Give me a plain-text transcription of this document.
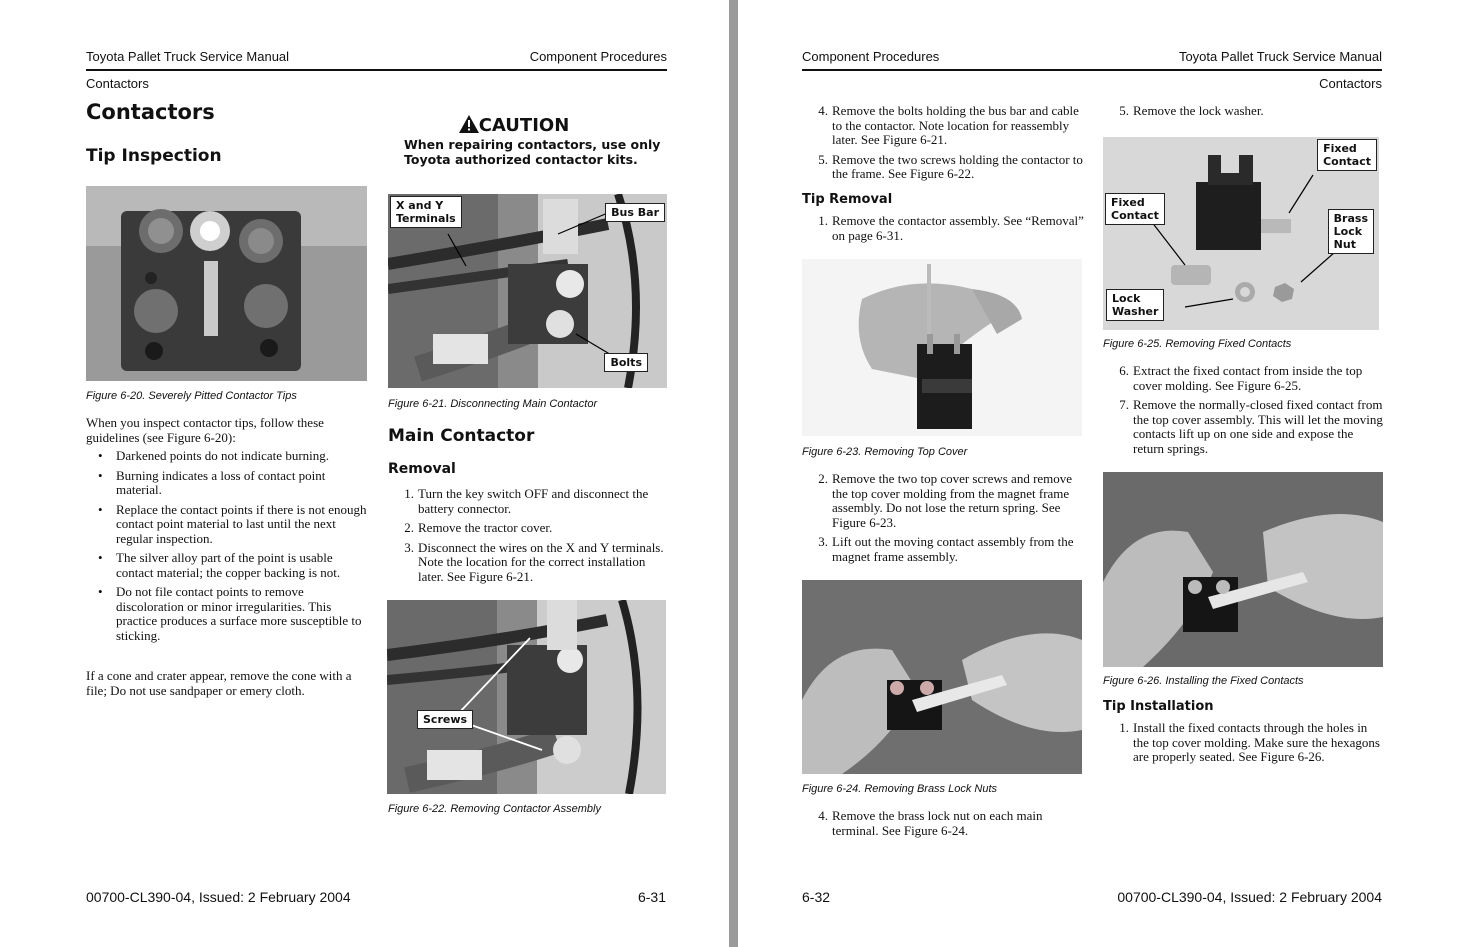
Toyota Pallet Truck Service Manual	Component Procedures
Contactors
Contactors
Tip Inspection
Figure 6-20. Severely Pitted Contactor Tips

When you inspect contactor tips, follow these guidelines (see Figure 6-20):

• Darkened points do not indicate burning.
• Burning indicates a loss of contact point material.
• Replace the contact points if there is not enough contact point material to last until the next regular inspection.
• The silver alloy part of the point is usable contact material; the copper backing is not.
• Do not file contact points to remove discoloration or minor irregularities. This practice produces a surface more susceptible to sticking.

If a cone and crater appear, remove the cone with a file; Do not use sandpaper or emery cloth.

CAUTION
When repairing contactors, use only Toyota authorized contactor kits.
X and Y
Terminals	Bus Bar
Bolts
Figure 6-21. Disconnecting Main Contactor
Main Contactor
Removal
1. Turn the key switch OFF and disconnect the battery connector.
2. Remove the tractor cover.
3. Disconnect the wires on the X and Y terminals. Note the location for the correct installation later. See Figure 6-21.
Screws
Figure 6-22. Removing Contactor Assembly
00700-CL390-04, Issued: 2 February 2004	6-31
Component Procedures	Toyota Pallet Truck Service Manual
Contactors
4. Remove the bolts holding the bus bar and cable to the contactor. Note location for reassembly later. See Figure 6-21.
5. Remove the two screws holding the contactor to the frame. See Figure 6-22.
Tip Removal
1. Remove the contactor assembly. See “Removal” on page 6-31.
Figure 6-23. Removing Top Cover
2. Remove the two top cover screws and remove the top cover molding from the magnet frame assembly. Do not lose the return spring. See Figure 6-23.
3. Lift out the moving contact assembly from the magnet frame assembly.
Figure 6-24. Removing Brass Lock Nuts
4. Remove the brass lock nut on each main terminal. See Figure 6-24.
5. Remove the lock washer.
Fixed
Contact
Fixed
Contact	Brass
Lock
Nut
Lock
Washer
Figure 6-25. Removing Fixed Contacts
6. Extract the fixed contact from inside the top cover molding. See Figure 6-25.
7. Remove the normally-closed fixed contact from the top cover assembly. This will let the moving contacts lift up on one side and expose the return springs.
Figure 6-26. Installing the Fixed Contacts
Tip Installation
1. Install the fixed contacts through the holes in the top cover molding. Make sure the hexagons are properly seated. See Figure 6-26.
6-32	00700-CL390-04, Issued: 2 February 2004
